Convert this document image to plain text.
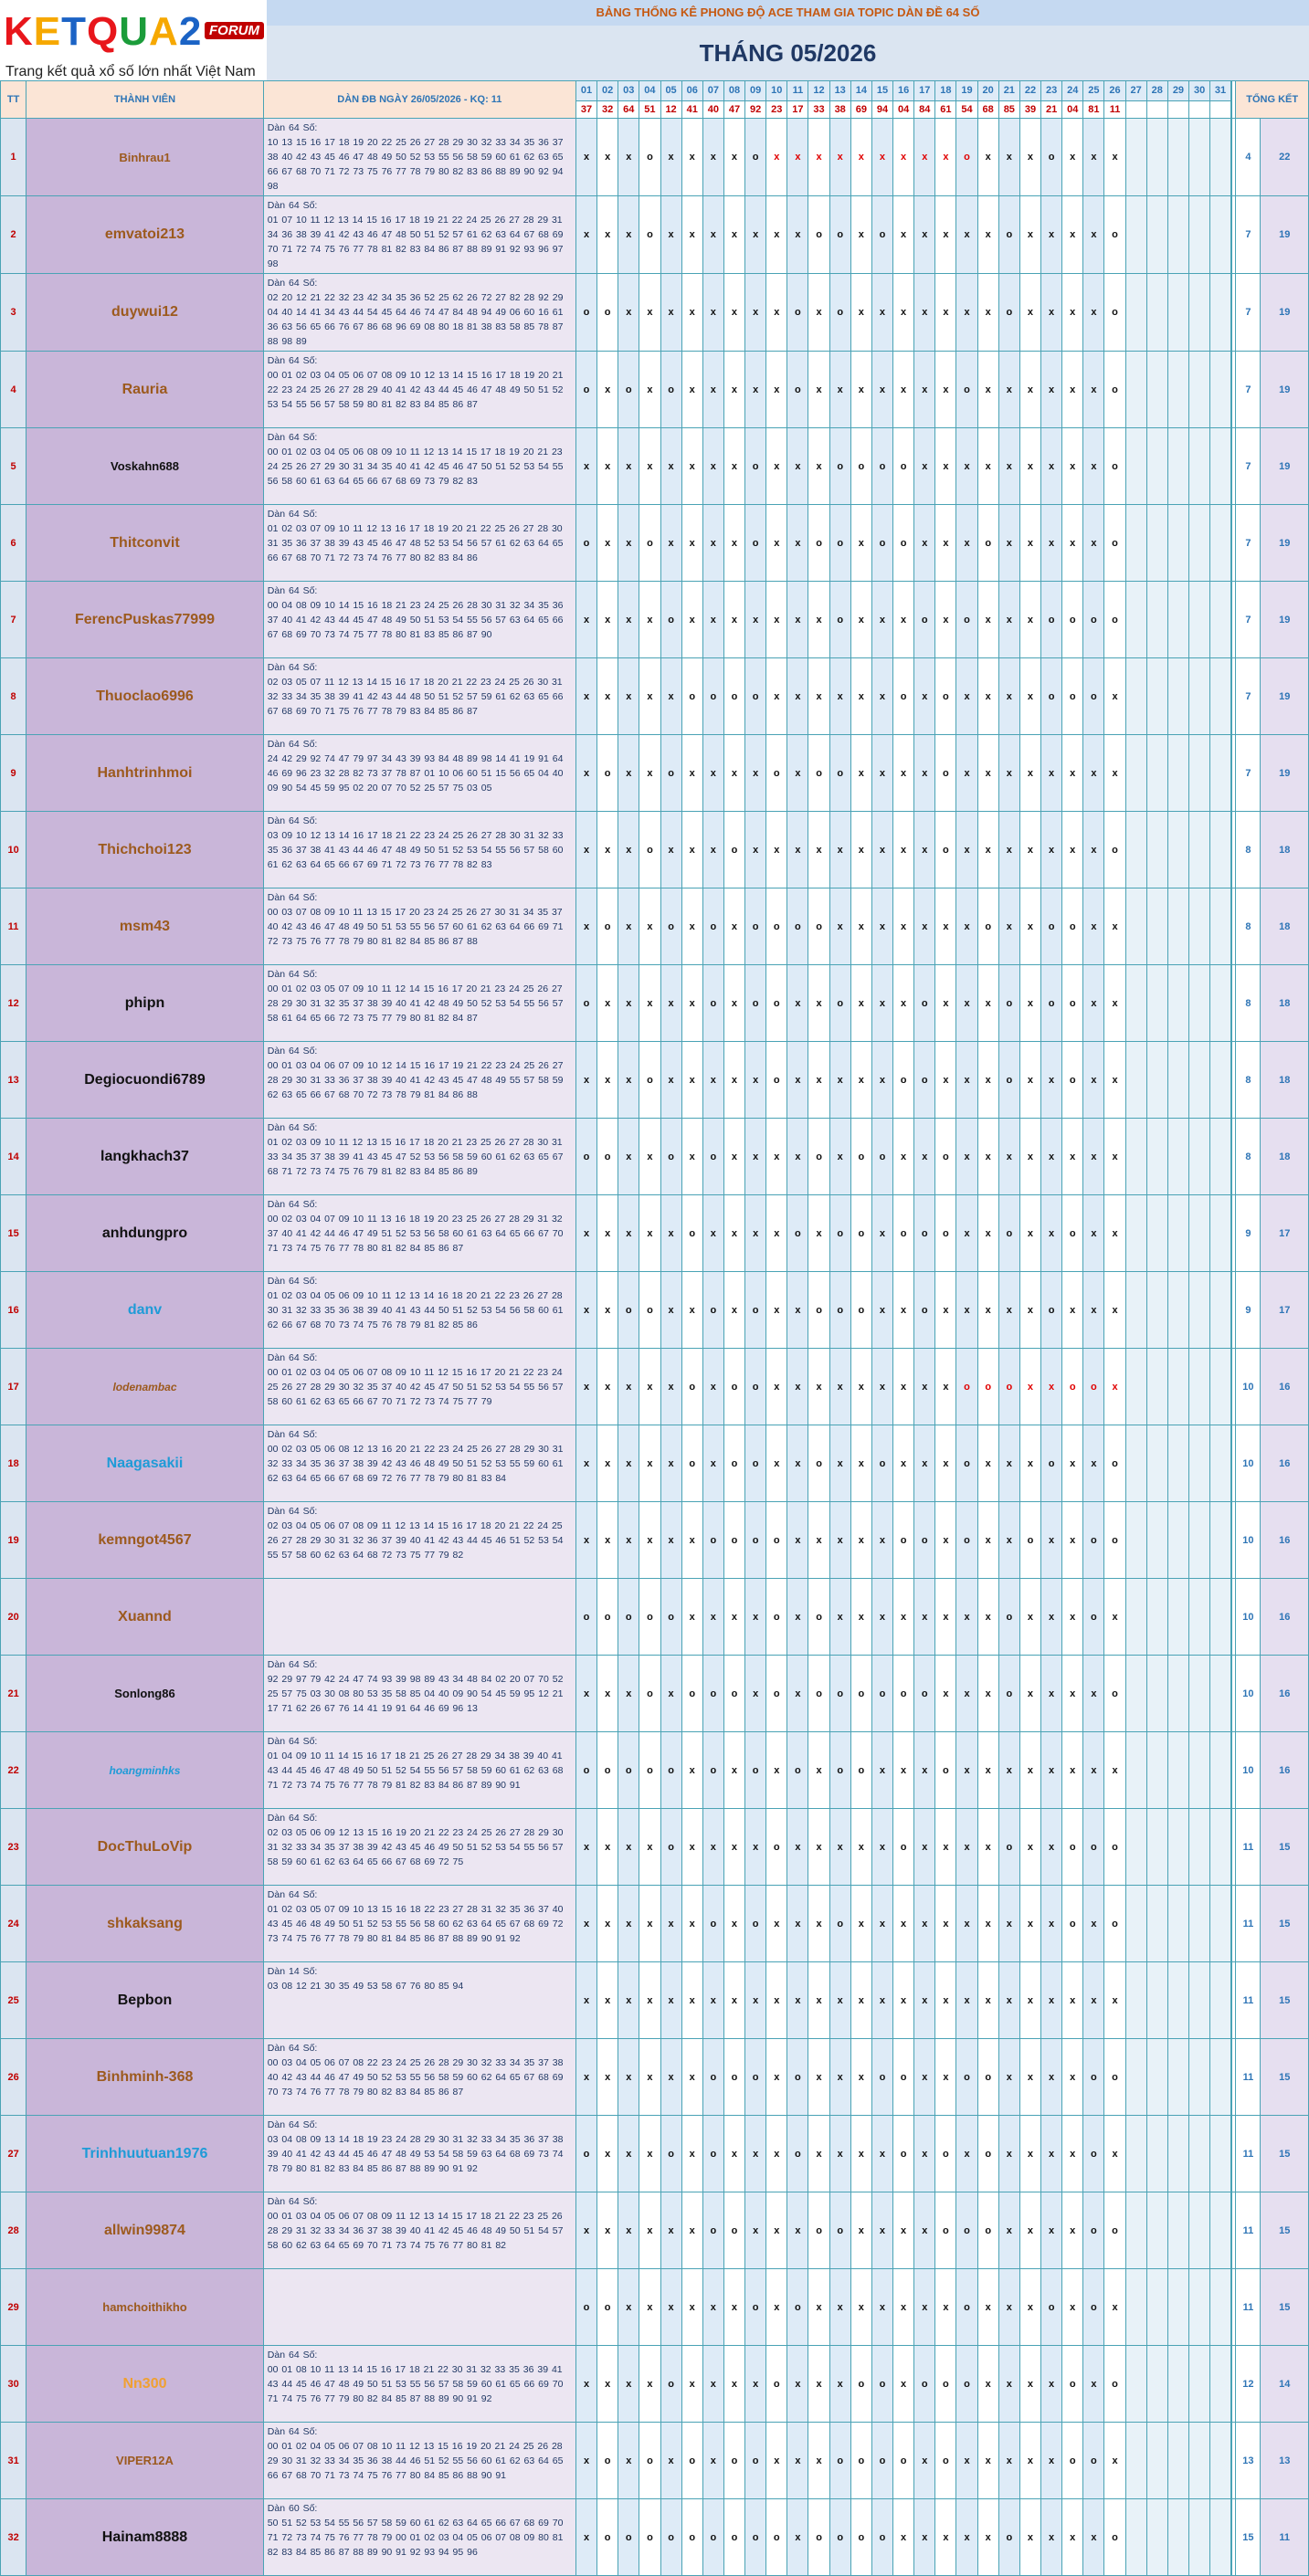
KETQUA2 FORUM
Trang kết quả xổ số lớn nhất Việt Nam
BẢNG THỐNG KÊ PHONG ĐỘ ACE THAM GIA TOPIC DÀN ĐỀ 64 SỐ
THÁNG 05/2026
TT	THÀNH VIÊN	DÀN ĐB NGÀY 26/05/2026 - KQ: 11	01	02	03	04	05	06	07	08	09	10	11	12	13	14	15	16	17	18	19	20	21	22	23	24	25	26	27	28	29	30	31		TỔNG KẾT	
			37	32	64	51	12	41	40	47	92	23	17	33	38	69	94	04	84	61	54	68	85	39	21	04	81	11								
1	Binhrau1	Dàn 64 Số:
10 13 15 16 17 18 19 20 22 25 26 27 28 29 30 32 33 34 35 36 37 38 40 42 43 45 46 47 48 49 50 52 53 55 56 58 59 60 61 62 63 65 66 67 68 70 71 72 73 75 76 77 78 79 80 82 83 86 88 89 90 92 94 98	x	x	x	o	x	x	x	x	o	x	x	x	x	x	x	x	x	x	o	x	x	x	o	x	x	x							4	22
2	emvatoi213	Dàn 64 Số:
01 07 10 11 12 13 14 15 16 17 18 19 21 22 24 25 26 27 28 29 31 34 36 38 39 41 42 43 46 47 48 50 51 52 57 61 62 63 64 67 68 69 70 71 72 74 75 76 77 78 81 82 83 84 86 87 88 89 91 92 93 96 97 98	x	x	x	o	x	x	x	x	x	x	x	o	o	x	o	x	x	x	x	x	o	x	x	x	x	o							7	19
3	duywui12	Dàn 64 Số:
02 20 12 21 22 32 23 42 34 35 36 52 25 62 26 72 27 82 28 92 29 04 40 14 41 34 43 44 54 45 64 46 74 47 84 48 94 49 06 60 16 61 36 63 56 65 66 76 67 86 68 96 69 08 80 18 81 38 83 58 85 78 87 88 98 89	o	o	x	x	x	x	x	x	x	x	o	x	o	x	x	x	x	x	x	x	o	x	x	x	x	o							7	19
4	Rauria	Dàn 64 Số:
00 01 02 03 04 05 06 07 08 09 10 12 13 14 15 16 17 18 19 20 21 22 23 24 25 26 27 28 29 40 41 42 43 44 45 46 47 48 49 50 51 52 53 54 55 56 57 58 59 80 81 82 83 84 85 86 87	o	x	o	x	o	x	x	x	x	x	o	x	x	x	x	x	x	x	o	x	x	x	x	x	x	o							7	19
5	Voskahn688	Dàn 64 Số:
00 01 02 03 04 05 06 08 09 10 11 12 13 14 15 17 18 19 20 21 23 24 25 26 27 29 30 31 34 35 40 41 42 45 46 47 50 51 52 53 54 55 56 58 60 61 63 64 65 66 67 68 69 73 79 82 83	x	x	x	x	x	x	x	x	o	x	x	x	o	o	o	o	x	x	x	x	x	x	x	x	x	o							7	19
6	Thitconvit	Dàn 64 Số:
01 02 03 07 09 10 11 12 13 16 17 18 19 20 21 22 25 26 27 28 30 31 35 36 37 38 39 43 45 46 47 48 52 53 54 56 57 61 62 63 64 65 66 67 68 70 71 72 73 74 76 77 80 82 83 84 86	o	x	x	o	x	x	x	x	o	x	x	o	o	x	o	o	x	x	x	o	x	x	x	x	x	o							7	19
7	FerencPuskas77999	Dàn 64 Số:
00 04 08 09 10 14 15 16 18 21 23 24 25 26 28 30 31 32 34 35 36 37 40 41 42 43 44 45 47 48 49 50 51 53 54 55 56 57 63 64 65 66 67 68 69 70 73 74 75 77 78 80 81 83 85 86 87 90	x	x	x	x	o	x	x	x	x	x	x	x	o	x	x	x	o	x	o	x	x	x	o	o	o	o							7	19
8	Thuoclao6996	Dàn 64 Số:
02 03 05 07 11 12 13 14 15 16 17 18 20 21 22 23 24 25 26 30 31 32 33 34 35 38 39 41 42 43 44 48 50 51 52 57 59 61 62 63 65 66 67 68 69 70 71 75 76 77 78 79 83 84 85 86 87	x	x	x	x	x	o	o	o	o	x	x	x	x	x	x	o	x	o	x	x	x	x	o	o	o	x							7	19
9	Hanhtrinhmoi	Dàn 64 Số:
24 42 29 92 74 47 79 97 34 43 39 93 84 48 89 98 14 41 19 91 64 46 69 96 23 32 28 82 73 37 78 87 01 10 06 60 51 15 56 65 04 40 09 90 54 45 59 95 02 20 07 70 52 25 57 75 03 05	x	o	x	x	o	x	x	x	x	o	x	o	o	x	x	x	x	o	x	x	x	x	x	x	x	x							7	19
10	Thichchoi123	Dàn 64 Số:
03 09 10 12 13 14 16 17 18 21 22 23 24 25 26 27 28 30 31 32 33 35 36 37 38 41 43 44 46 47 48 49 50 51 52 53 54 55 56 57 58 60 61 62 63 64 65 66 67 69 71 72 73 76 77 78 82 83	x	x	x	o	x	x	x	o	x	x	x	x	x	x	x	x	x	o	x	x	x	x	x	x	x	o							8	18
11	msm43	Dàn 64 Số:
00 03 07 08 09 10 11 13 15 17 20 23 24 25 26 27 30 31 34 35 37 40 42 43 46 47 48 49 50 51 53 55 56 57 60 61 62 63 64 66 69 71 72 73 75 76 77 78 79 80 81 82 84 85 86 87 88	x	o	x	x	o	x	o	x	o	o	o	o	x	x	x	x	x	x	x	o	x	x	o	o	x	x							8	18
12	phipn	Dàn 64 Số:
00 01 02 03 05 07 09 10 11 12 14 15 16 17 20 21 23 24 25 26 27 28 29 30 31 32 35 37 38 39 40 41 42 48 49 50 52 53 54 55 56 57 58 61 64 65 66 72 73 75 77 79 80 81 82 84 87	o	x	x	x	x	x	o	x	o	o	x	x	o	x	x	x	o	x	x	x	o	x	o	o	x	x							8	18
13	Degiocuondi6789	Dàn 64 Số:
00 01 03 04 06 07 09 10 12 14 15 16 17 19 21 22 23 24 25 26 27 28 29 30 31 33 36 37 38 39 40 41 42 43 45 47 48 49 55 57 58 59 62 63 65 66 67 68 70 72 73 78 79 81 84 86 88	x	x	x	o	x	x	x	x	x	o	x	x	x	x	x	o	o	x	x	x	o	x	x	o	x	x							8	18
14	langkhach37	Dàn 64 Số:
01 02 03 09 10 11 12 13 15 16 17 18 20 21 23 25 26 27 28 30 31 33 34 35 37 38 39 41 43 45 47 52 53 56 58 59 60 61 62 63 65 67 68 71 72 73 74 75 76 79 81 82 83 84 85 86 89	o	o	x	x	o	x	o	x	x	x	x	o	x	o	o	x	x	o	x	x	x	x	x	x	x	x							8	18
15	anhdungpro	Dàn 64 Số:
00 02 03 04 07 09 10 11 13 16 18 19 20 23 25 26 27 28 29 31 32 37 40 41 42 44 46 47 49 51 52 53 56 58 60 61 63 64 65 66 67 70 71 73 74 75 76 77 78 80 81 82 84 85 86 87	x	x	x	x	x	o	x	x	x	x	o	x	o	o	x	o	o	o	x	x	o	x	x	o	x	x							9	17
16	danv	Dàn 64 Số:
01 02 03 04 05 06 09 10 11 12 13 14 16 18 20 21 22 23 26 27 28 30 31 32 33 35 36 38 39 40 41 43 44 50 51 52 53 54 56 58 60 61 62 66 67 68 70 73 74 75 76 78 79 81 82 85 86	x	x	o	o	x	x	o	x	o	x	x	o	o	o	x	x	o	x	x	x	x	x	o	x	x	x							9	17
17	lodenambac	Dàn 64 Số:
00 01 02 03 04 05 06 07 08 09 10 11 12 15 16 17 20 21 22 23 24 25 26 27 28 29 30 32 35 37 40 42 45 47 50 51 52 53 54 55 56 57 58 60 61 62 63 65 66 67 70 71 72 73 74 75 77 79	x	x	x	x	x	o	x	o	o	x	x	x	x	x	x	x	x	x	o	o	o	x	x	o	o	x							10	16
18	Naagasakii	Dàn 64 Số:
00 02 03 05 06 08 12 13 16 20 21 22 23 24 25 26 27 28 29 30 31 32 33 34 35 36 37 38 39 42 43 46 48 49 50 51 52 53 55 59 60 61 62 63 64 65 66 67 68 69 72 76 77 78 79 80 81 83 84	x	x	x	x	x	o	x	o	o	x	x	o	x	x	o	x	x	x	o	x	x	x	o	x	x	o							10	16
19	kemngot4567	Dàn 64 Số:
02 03 04 05 06 07 08 09 11 12 13 14 15 16 17 18 20 21 22 24 25 26 27 28 29 30 31 32 36 37 39 40 41 42 43 44 45 46 51 52 53 54 55 57 58 60 62 63 64 68 72 73 75 77 79 82	x	x	x	x	x	x	o	o	o	o	x	x	x	x	x	o	o	x	o	x	x	o	x	x	o	o							10	16
20	Xuannd		o	o	o	o	o	x	x	x	x	o	x	o	x	x	x	x	x	x	x	x	o	x	x	x	o	x							10	16
21	Sonlong86	Dàn 64 Số:
92 29 97 79 42 24 47 74 93 39 98 89 43 34 48 84 02 20 07 70 52 25 57 75 03 30 08 80 53 35 58 85 04 40 09 90 54 45 59 95 12 21 17 71 62 26 67 76 14 41 19 91 64 46 69 96 13	x	x	x	o	x	o	o	o	x	o	x	o	o	o	o	o	o	x	x	x	o	x	x	x	x	o							10	16
22	hoangminhks	Dàn 64 Số:
01 04 09 10 11 14 15 16 17 18 21 25 26 27 28 29 34 38 39 40 41 43 44 45 46 47 48 49 50 51 52 54 55 56 57 58 59 60 61 62 63 68 71 72 73 74 75 76 77 78 79 81 82 83 84 86 87 89 90 91	o	o	o	o	o	x	o	x	o	x	o	x	o	o	x	x	x	o	x	x	x	x	x	x	x	x							10	16
23	DocThuLoVip	Dàn 64 Số:
02 03 05 06 09 12 13 15 16 19 20 21 22 23 24 25 26 27 28 29 30 31 32 33 34 35 37 38 39 42 43 45 46 49 50 51 52 53 54 55 56 57 58 59 60 61 62 63 64 65 66 67 68 69 72 75	x	x	x	x	o	x	x	x	x	o	x	x	x	x	x	o	x	x	x	x	o	x	x	o	o	o							11	15
24	shkaksang	Dàn 64 Số:
01 02 03 05 07 09 10 13 15 16 18 22 23 27 28 31 32 35 36 37 40 43 45 46 48 49 50 51 52 53 55 56 58 60 62 63 64 65 67 68 69 72 73 74 75 76 77 78 79 80 81 84 85 86 87 88 89 90 91 92	x	x	x	x	x	x	o	x	o	x	x	x	o	x	x	x	x	x	x	x	x	x	x	o	x	o							11	15
25	Bepbon	Dàn 14 Số:
03 08 12 21 30 35 49 53 58 67 76 80 85 94	x	x	x	x	x	x	x	x	x	x	x	x	x	x	x	x	x	x	x	x	x	x	x	x	x	x							11	15
26	Binhminh-368	Dàn 64 Số:
00 03 04 05 06 07 08 22 23 24 25 26 28 29 30 32 33 34 35 37 38 40 42 43 44 46 47 49 50 52 53 55 56 58 59 60 62 64 65 67 68 69 70 73 74 76 77 78 79 80 82 83 84 85 86 87	x	x	x	x	x	x	o	o	o	x	o	x	x	x	o	o	x	x	o	o	x	x	x	x	o	o							11	15
27	Trinhhuutuan1976	Dàn 64 Số:
03 04 08 09 13 14 18 19 23 24 28 29 30 31 32 33 34 35 36 37 38 39 40 41 42 43 44 45 46 47 48 49 53 54 58 59 63 64 68 69 73 74 78 79 80 81 82 83 84 85 86 87 88 89 90 91 92	o	x	x	x	o	x	o	x	x	x	o	x	x	x	x	o	x	o	x	o	x	x	x	x	o	x							11	15
28	allwin99874	Dàn 64 Số:
00 01 03 04 05 06 07 08 09 11 12 13 14 15 17 18 21 22 23 25 26 28 29 31 32 33 34 36 37 38 39 40 41 42 45 46 48 49 50 51 54 57 58 60 62 63 64 65 69 70 71 73 74 75 76 77 80 81 82	x	x	x	x	x	x	o	o	x	x	x	o	o	x	x	x	x	o	o	o	x	x	x	x	o	o							11	15
29	hamchoithikho		o	o	x	x	x	x	x	x	o	x	o	x	x	x	x	x	x	x	o	x	x	x	o	x	o	x							11	15
30	Nn300	Dàn 64 Số:
00 01 08 10 11 13 14 15 16 17 18 21 22 30 31 32 33 35 36 39 41 43 44 45 46 47 48 49 50 51 53 55 56 57 58 59 60 61 65 66 69 70 71 74 75 76 77 79 80 82 84 85 87 88 89 90 91 92	x	x	x	x	o	x	x	x	x	o	x	x	x	o	o	x	o	o	o	x	x	x	x	o	x	o							12	14
31	VIPER12A	Dàn 64 Số:
00 01 02 04 05 06 07 08 10 11 12 13 15 16 19 20 21 24 25 26 28 29 30 31 32 33 34 35 36 38 44 46 51 52 55 56 60 61 62 63 64 65 66 67 68 70 71 73 74 75 76 77 80 84 85 86 88 90 91	x	o	x	o	x	o	x	o	o	x	x	x	o	o	o	o	x	o	x	x	x	x	x	o	o	x							13	13
32	Hainam8888	Dàn 60 Số:
50 51 52 53 54 55 56 57 58 59 60 61 62 63 64 65 66 67 68 69 70 71 72 73 74 75 76 77 78 79 00 01 02 03 04 05 06 07 08 09 80 81 82 83 84 85 86 87 88 89 90 91 92 93 94 95 96	x	o	o	o	o	o	o	o	o	o	x	o	o	o	o	x	x	x	x	x	o	x	x	x	x	o							15	11
